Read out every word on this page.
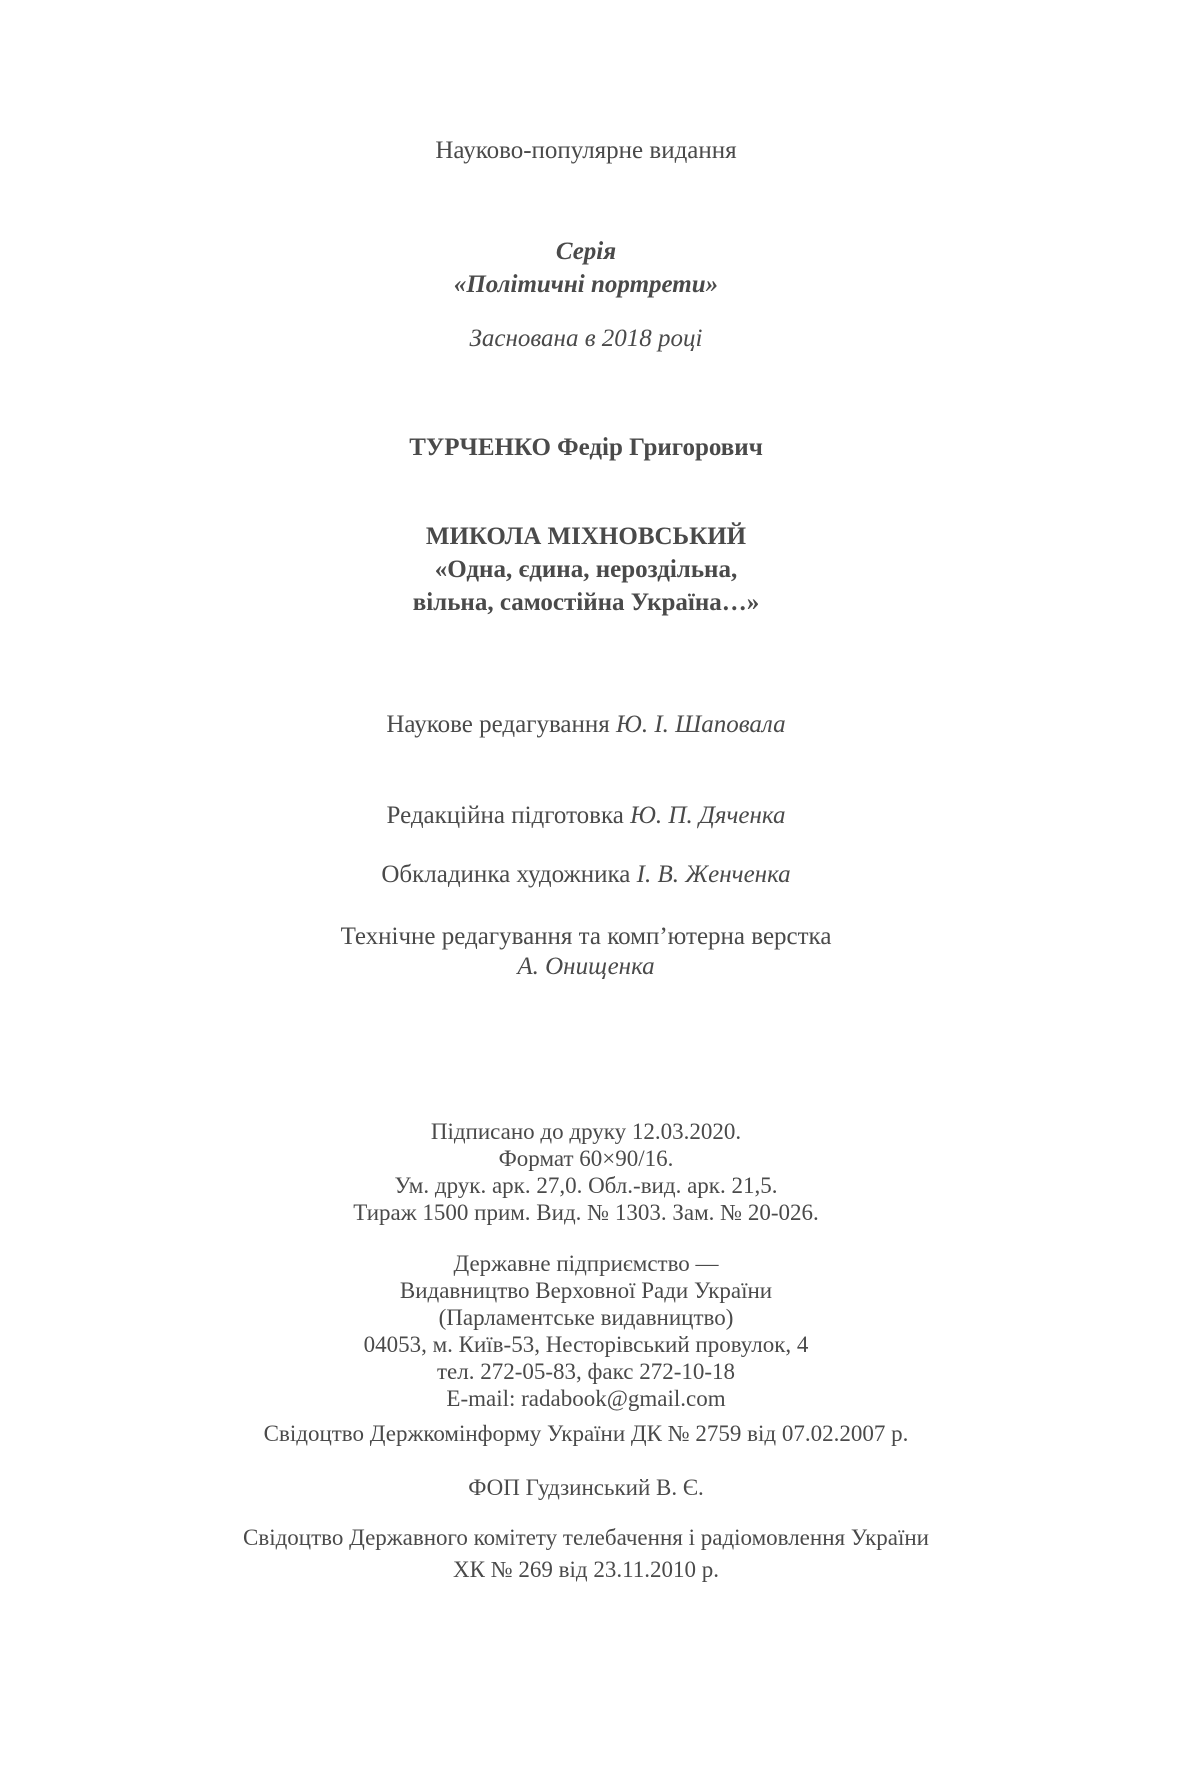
Науково-популярне видання
Серія
«Політичні портрети»
Заснована в 2018 році
ТУРЧЕНКО Федір Григорович
МИКОЛА МІХНОВСЬКИЙ
«Одна, єдина, нероздільна,
вільна, самостійна Україна…»
Наукове редагування Ю. І. Шаповала
Редакційна підготовка Ю. П. Дяченка
Обкладинка художника І. В. Женченка
Технічне редагування та комп’ютерна верстка
А. Онищенка
Підписано до друку 12.03.2020.
Формат 60×90/16.
Ум. друк. арк. 27,0. Обл.-вид. арк. 21,5.
Тираж 1500 прим. Вид. № 1303. Зам. № 20-026.
Державне підприємство —
Видавництво Верховної Ради України
(Парламентське видавництво)
04053, м. Київ-53, Несторівський провулок, 4
тел. 272-05-83, факс 272-10-18
E-mail: radabook@gmail.com
Свідоцтво Держкомінформу України ДК № 2759 від 07.02.2007 р.
ФОП Гудзинський В. Є.
Свідоцтво Державного комітету телебачення і радіомовлення України
ХК № 269 від 23.11.2010 р.
